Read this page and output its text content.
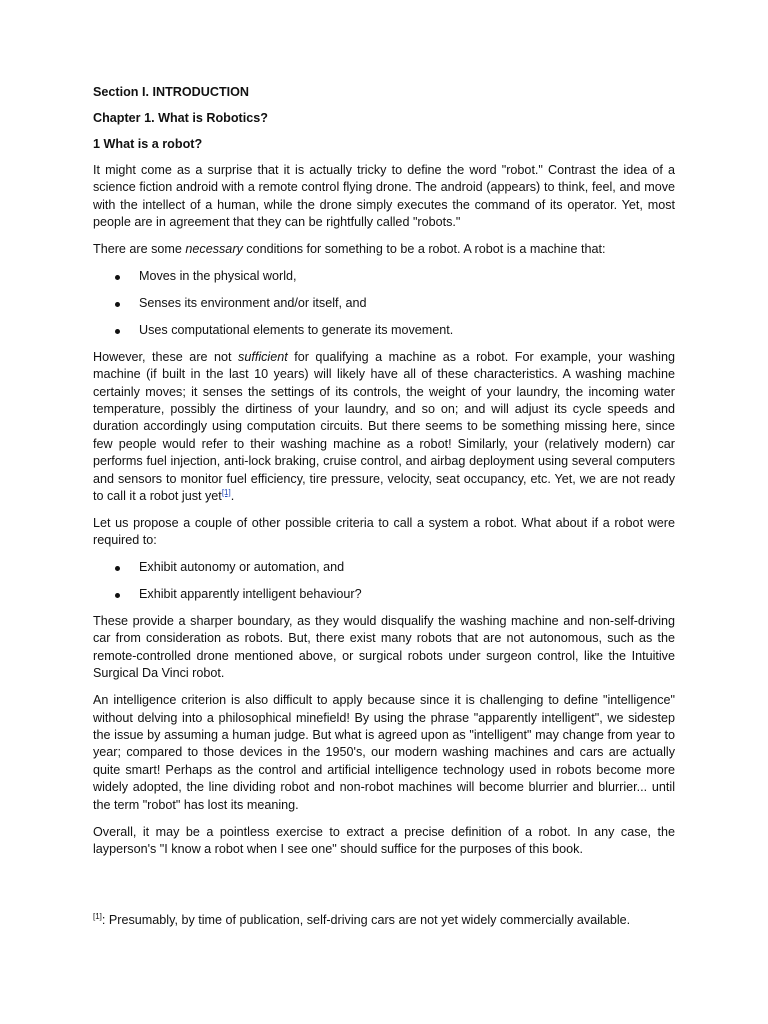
Section I. INTRODUCTION
Chapter 1. What is Robotics?
1 What is a robot?

It might come as a surprise that it is actually tricky to define the word "robot." Contrast the idea of a science fiction android with a remote control flying drone. The android (appears) to think, feel, and move with the intellect of a human, while the drone simply executes the command of its operator. Yet, most people are in agreement that they can be rightfully called "robots."

There are some necessary conditions for something to be a robot. A robot is a machine that:

Moves in the physical world,
Senses its environment and/or itself, and
Uses computational elements to generate its movement.

However, these are not sufficient for qualifying a machine as a robot. For example, your washing machine (if built in the last 10 years) will likely have all of these characteristics. A washing machine certainly moves; it senses the settings of its controls, the weight of your laundry, the incoming water temperature, possibly the dirtiness of your laundry, and so on; and will adjust its cycle speeds and duration accordingly using computation circuits. But there seems to be something missing here, since few people would refer to their washing machine as a robot! Similarly, your (relatively modern) car performs fuel injection, anti-lock braking, cruise control, and airbag deployment using several computers and sensors to monitor fuel efficiency, tire pressure, velocity, seat occupancy, etc. Yet, we are not ready to call it a robot just yet[1].

Let us propose a couple of other possible criteria to call a system a robot. What about if a robot were required to:

Exhibit autonomy or automation, and
Exhibit apparently intelligent behaviour?

These provide a sharper boundary, as they would disqualify the washing machine and non-self-driving car from consideration as robots. But, there exist many robots that are not autonomous, such as the remote-controlled drone mentioned above, or surgical robots under surgeon control, like the Intuitive Surgical Da Vinci robot.

An intelligence criterion is also difficult to apply because since it is challenging to define "intelligence" without delving into a philosophical minefield! By using the phrase "apparently intelligent", we sidestep the issue by assuming a human judge. But what is agreed upon as "intelligent" may change from year to year; compared to those devices in the 1950's, our modern washing machines and cars are actually quite smart! Perhaps as the control and artificial intelligence technology used in robots become more widely adopted, the line dividing robot and non-robot machines will become blurrier and blurrier... until the term "robot" has lost its meaning.

Overall, it may be a pointless exercise to extract a precise definition of a robot. In any case, the layperson's "I know a robot when I see one" should suffice for the purposes of this book.

[1]: Presumably, by time of publication, self-driving cars are not yet widely commercially available.
